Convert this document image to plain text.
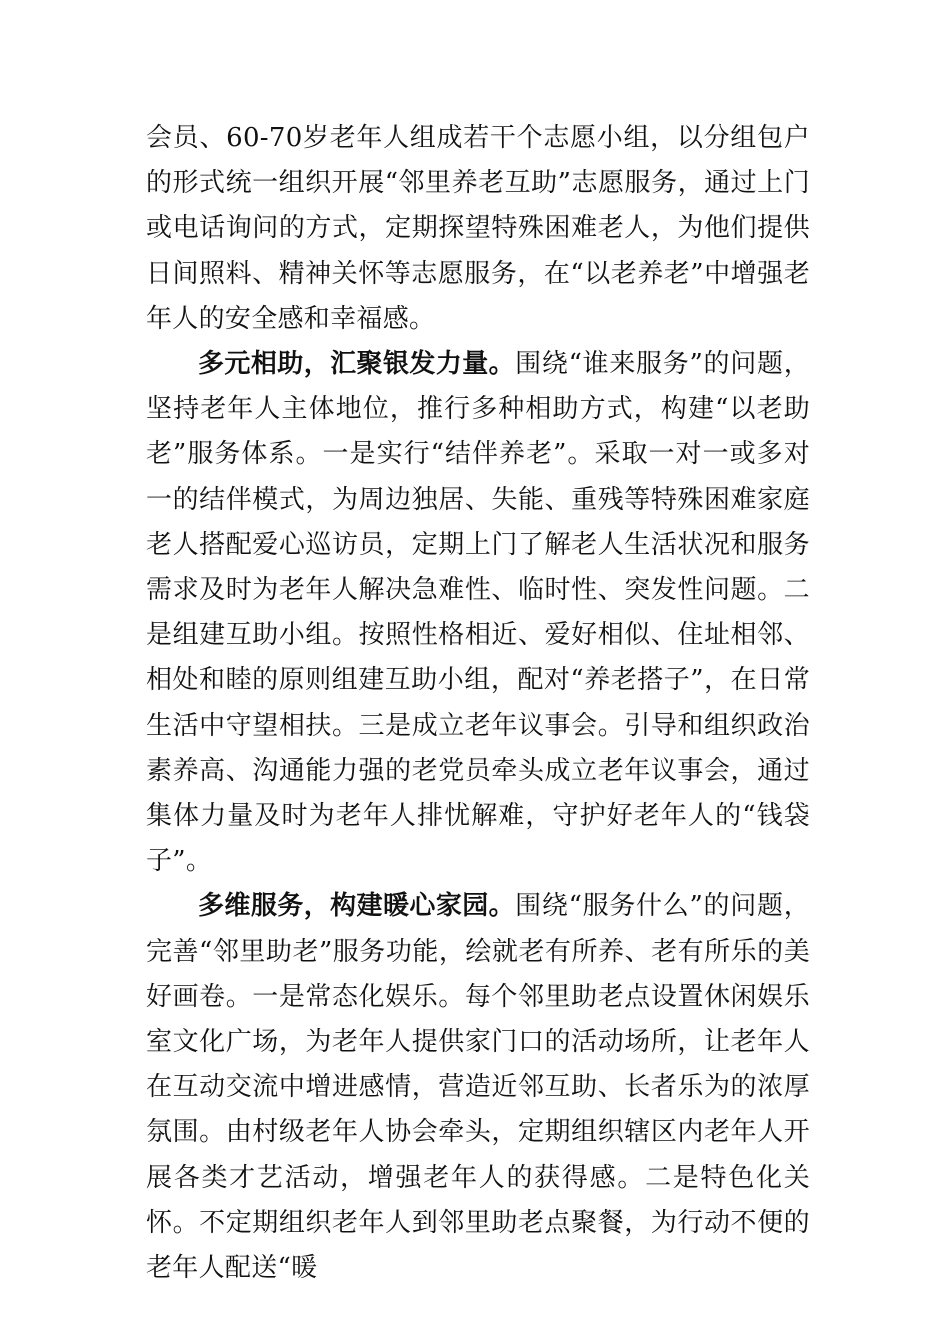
会员、60-70岁老年人组成若干个志愿小组，以分组包户的形式统一组织开展“邻里养老互助”志愿服务，通过上门或电话询问的方式，定期探望特殊困难老人，为他们提供日间照料、精神关怀等志愿服务，在“以老养老”中增强老年人的安全感和幸福感。

多元相助，汇聚银发力量。围绕“谁来服务”的问题，坚持老年人主体地位，推行多种相助方式，构建“以老助老”服务体系。一是实行“结伴养老”。采取一对一或多对一的结伴模式，为周边独居、失能、重残等特殊困难家庭老人搭配爱心巡访员，定期上门了解老人生活状况和服务需求及时为老年人解决急难性、临时性、突发性问题。二是组建互助小组。按照性格相近、爱好相似、住址相邻、相处和睦的原则组建互助小组，配对“养老搭子”，在日常生活中守望相扶。三是成立老年议事会。引导和组织政治素养高、沟通能力强的老党员牵头成立老年议事会，通过集体力量及时为老年人排忧解难，守护好老年人的“钱袋子”。

多维服务，构建暖心家园。围绕“服务什么”的问题，完善“邻里助老”服务功能，绘就老有所养、老有所乐的美好画卷。一是常态化娱乐。每个邻里助老点设置休闲娱乐室文化广场，为老年人提供家门口的活动场所，让老年人在互动交流中增进感情，营造近邻互助、长者乐为的浓厚氛围。由村级老年人协会牵头，定期组织辖区内老年人开展各类才艺活动，增强老年人的获得感。二是特色化关怀。不定期组织老年人到邻里助老点聚餐，为行动不便的老年人配送“暖
